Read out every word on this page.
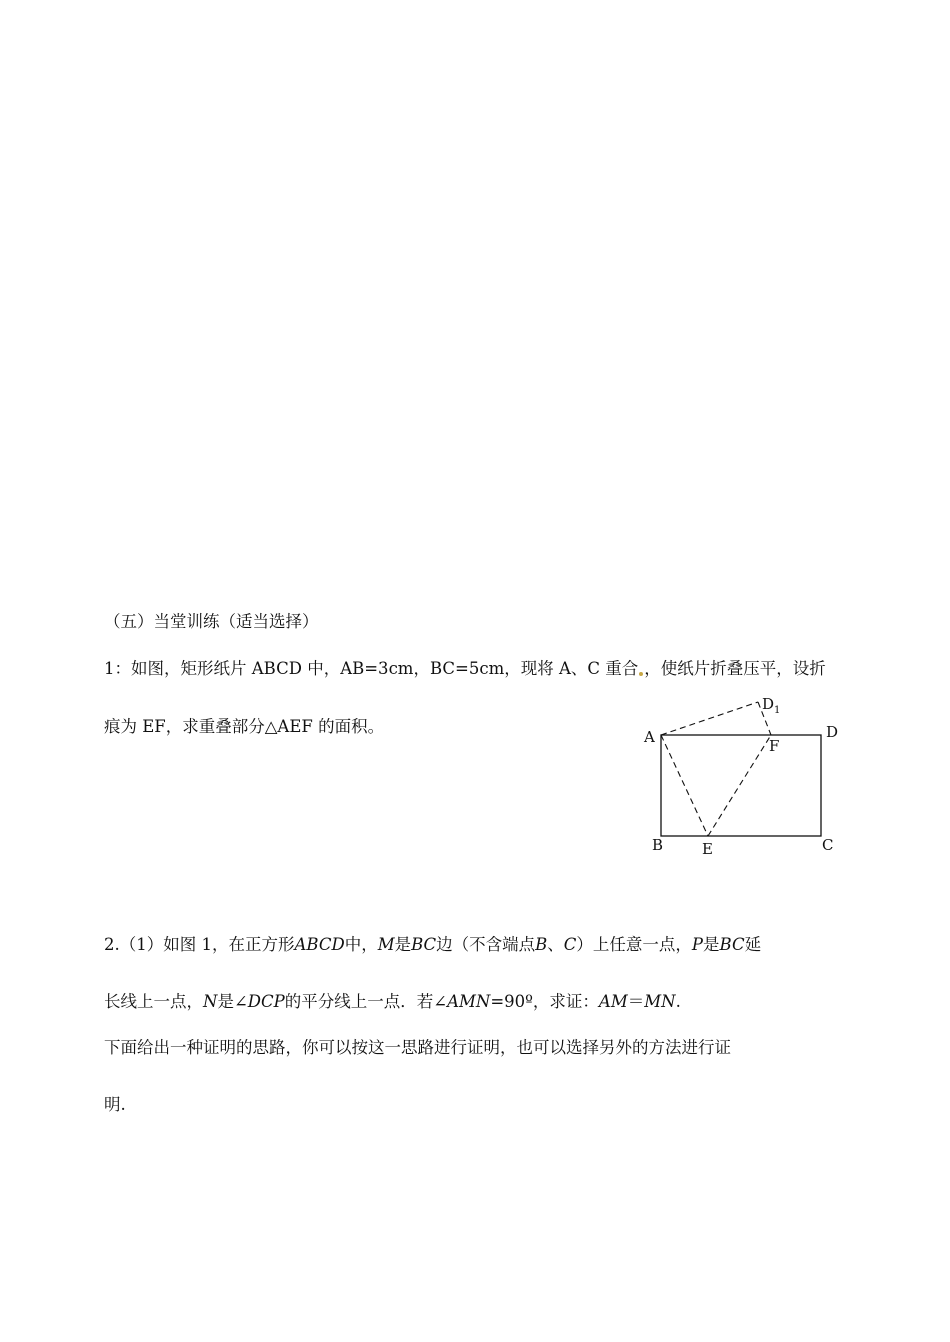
（五）当堂训练（适当选择）
1：如图，矩形纸片 ABCD 中，AB=3cm，BC=5cm，现将 A、C 重合 ，使纸片折叠压平，设折
痕为 EF，求重叠部分△AEF 的面积。
A	D
B	C
E
F
$D_1$
2.（1）如图 1，在正方形ABCD中，M是BC边（不含端点B、C）上任意一点，P是BC延
长线上一点，N是∠DCP的平分线上一点．若∠AMN=90º，求证：AM＝MN.
下面给出一种证明的思路，你可以按这一思路进行证明，也可以选择另外的方法进行证
明.
